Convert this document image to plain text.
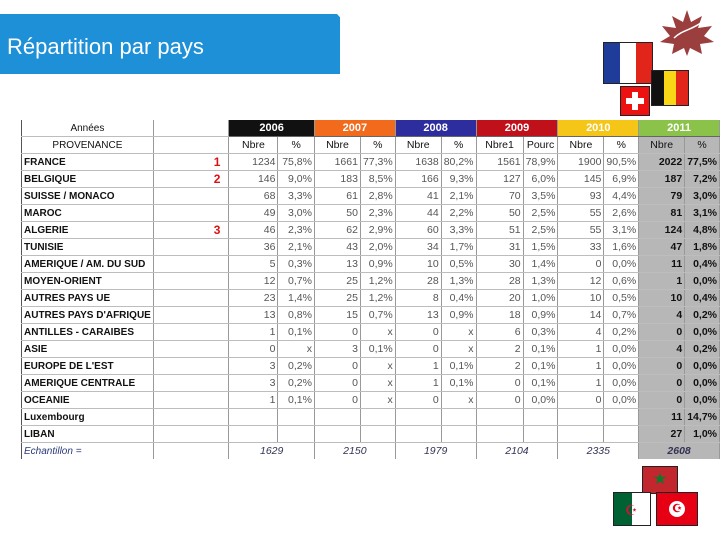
Répartition par pays
★
☪	☪
Années		2006		2007		2008		2009		2010		2011	
PROVENANCE		Nbre	%	Nbre	%	Nbre	%	Nbre1	Pourc	Nbre	%	Nbre	%
FRANCE	1	1234	75,8%	1661	77,3%	1638	80,2%	1561	78,9%	1900	90,5%	2022	77,5%
BELGIQUE	2	146	9,0%	183	8,5%	166	9,3%	127	6,0%	145	6,9%	187	7,2%
SUISSE / MONACO		68	3,3%	61	2,8%	41	2,1%	70	3,5%	93	4,4%	79	3,0%
MAROC		49	3,0%	50	2,3%	44	2,2%	50	2,5%	55	2,6%	81	3,1%
ALGERIE	3	46	2,3%	62	2,9%	60	3,3%	51	2,5%	55	3,1%	124	4,8%
TUNISIE		36	2,1%	43	2,0%	34	1,7%	31	1,5%	33	1,6%	47	1,8%
AMERIQUE / AM. DU SUD		5	0,3%	13	0,9%	10	0,5%	30	1,4%	0	0,0%	11	0,4%
MOYEN-ORIENT		12	0,7%	25	1,2%	28	1,3%	28	1,3%	12	0,6%	1	0,0%
AUTRES PAYS UE		23	1,4%	25	1,2%	8	0,4%	20	1,0%	10	0,5%	10	0,4%
AUTRES PAYS D'AFRIQUE		13	0,8%	15	0,7%	13	0,9%	18	0,9%	14	0,7%	4	0,2%
ANTILLES - CARAIBES		1	0,1%	0	x	0	x	6	0,3%	4	0,2%	0	0,0%
ASIE		0	x	3	0,1%	0	x	2	0,1%	1	0,0%	4	0,2%
EUROPE DE L'EST		3	0,2%	0	x	1	0,1%	2	0,1%	1	0,0%	0	0,0%
AMERIQUE CENTRALE		3	0,2%	0	x	1	0,1%	0	0,1%	1	0,0%	0	0,0%
OCEANIE		1	0,1%	0	x	0	x	0	0,0%	0	0,0%	0	0,0%
Luxembourg												11	14,7%
LIBAN												27	1,0%
Echantillon =		1629		2150		1979		2104		2335		2608	
